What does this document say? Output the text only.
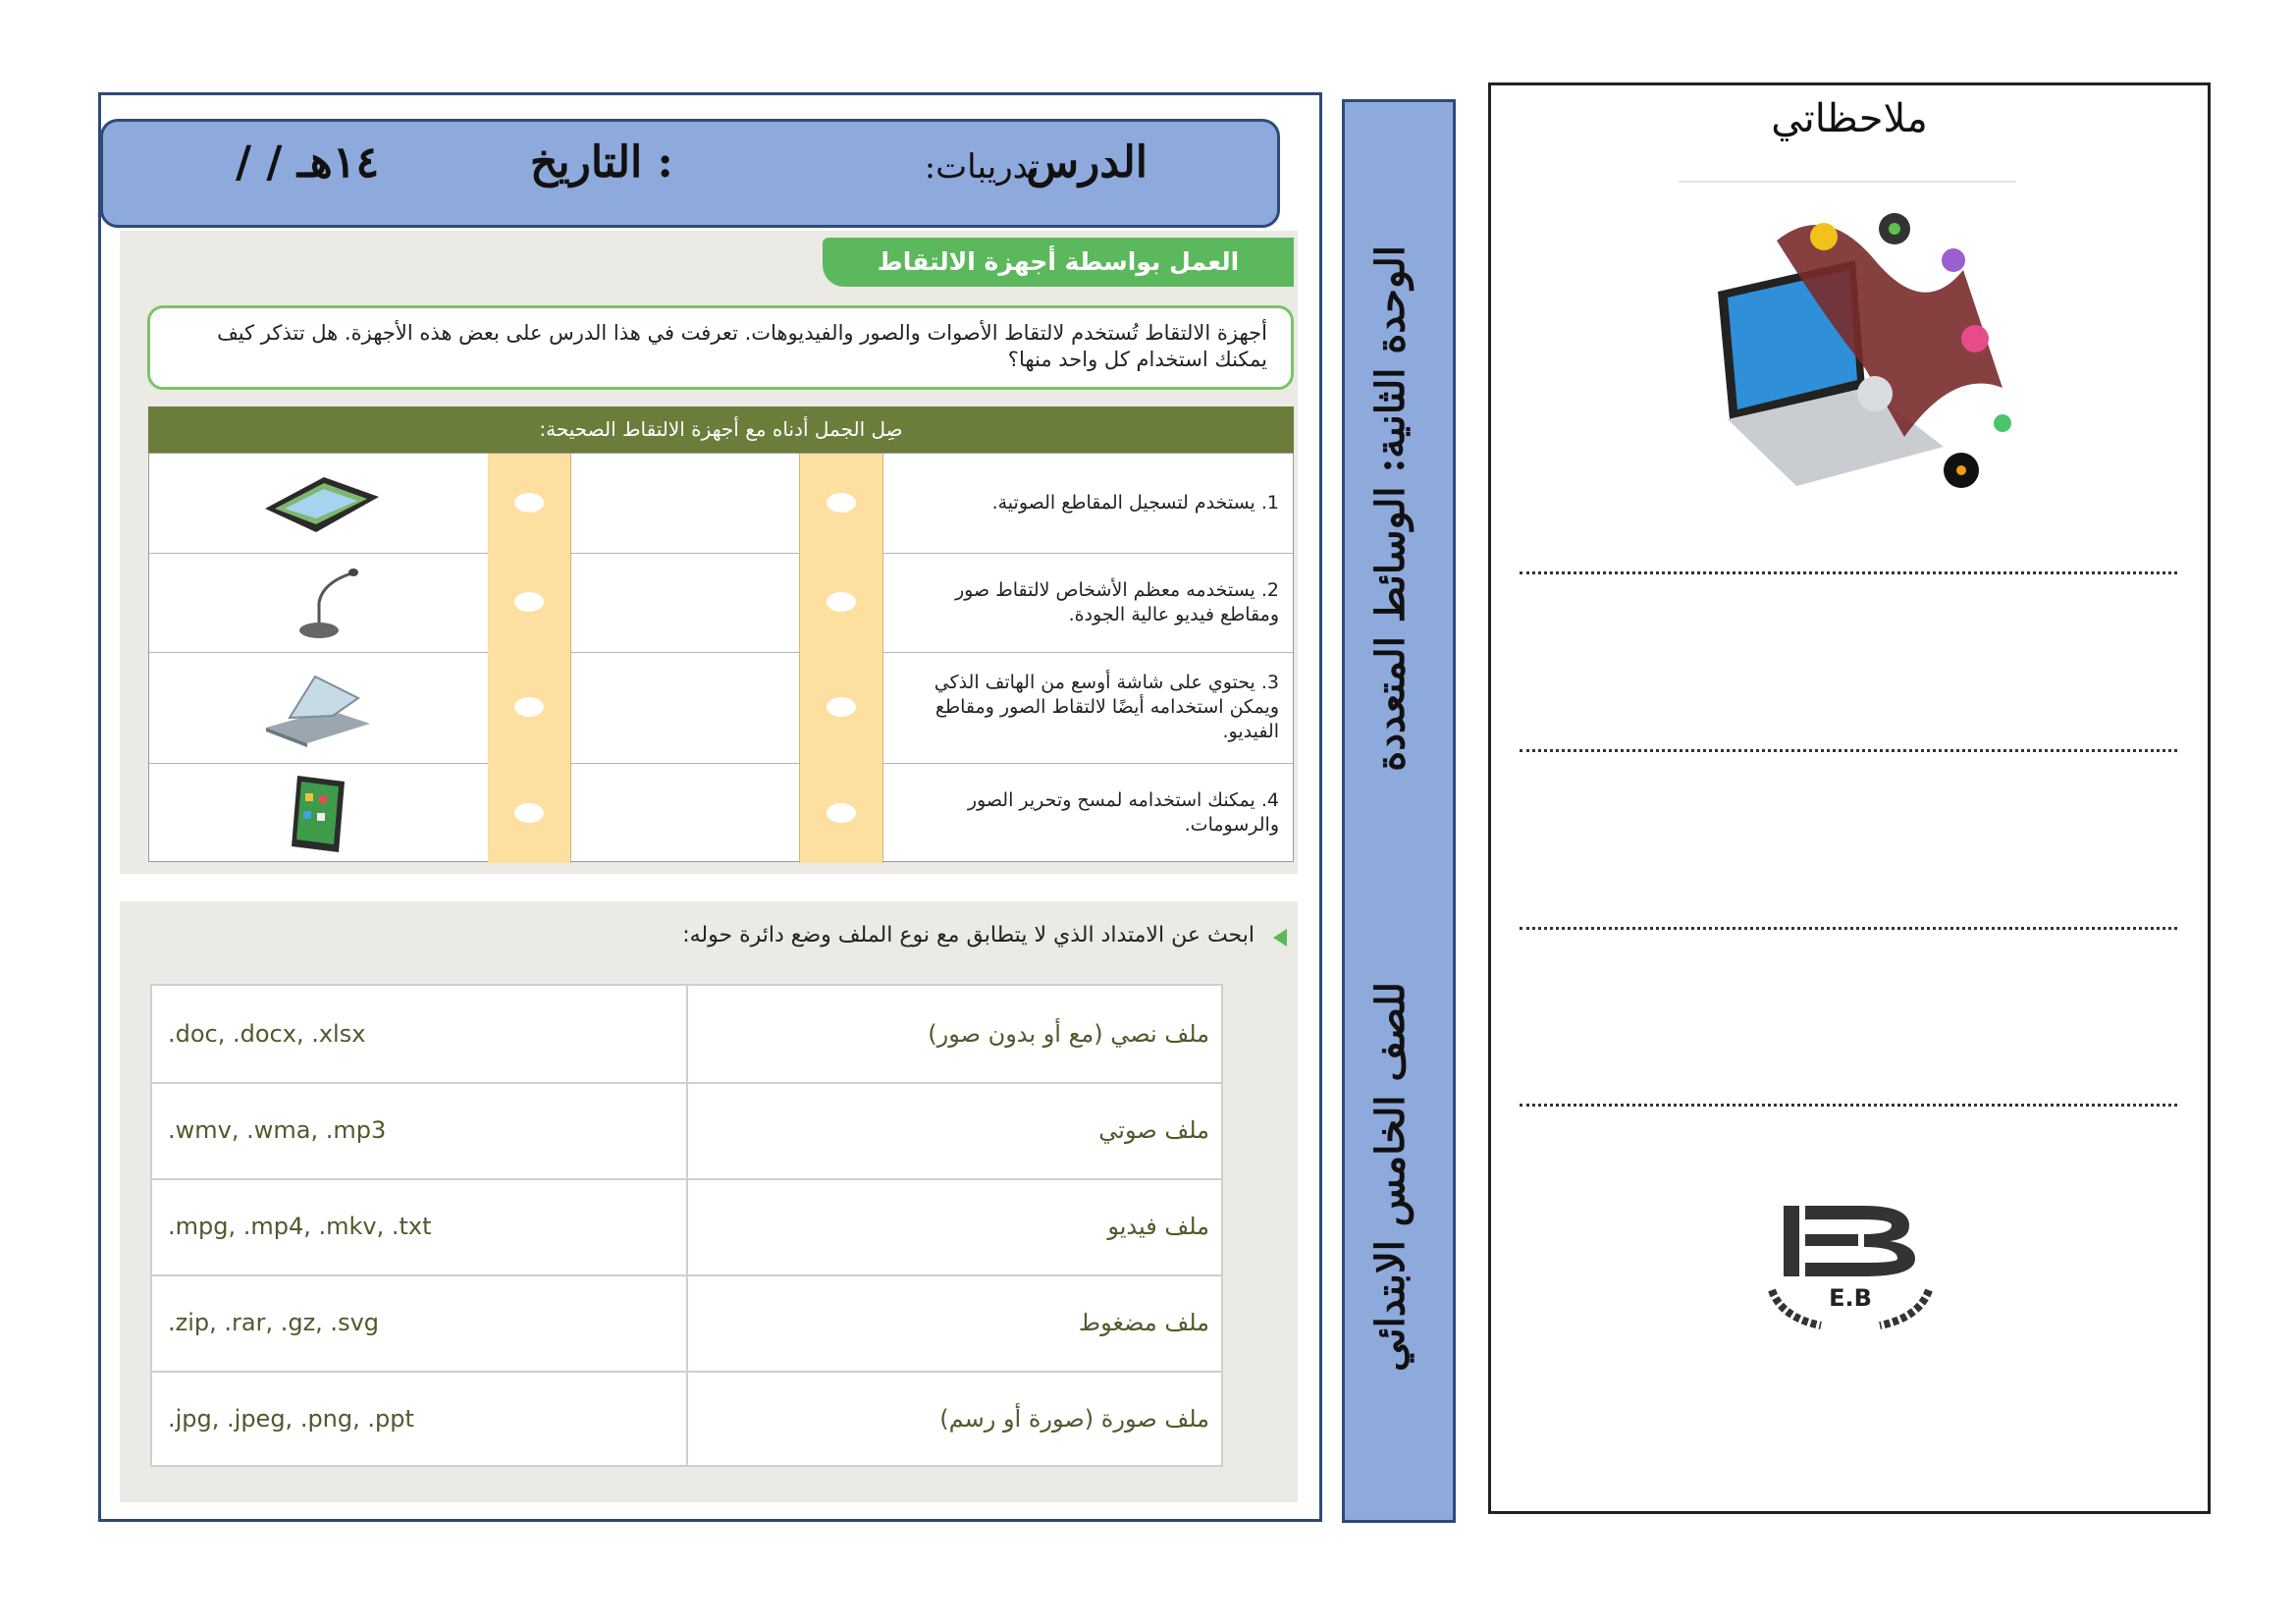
الدرس
:تدريبات
التاريخ :
/ / ١٤هـ
العمل بواسطة أجهزة الالتقاط
أجهزة الالتقاط تُستخدم لالتقاط الأصوات والصور والفيديوهات. تعرفت في هذا الدرس على بعض هذه الأجهزة. هل تتذكر كيف يمكنك استخدام كل واحد منها؟
صِل الجمل أدناه مع أجهزة الالتقاط الصحيحة:
1. يستخدم لتسجيل المقاطع الصوتية.
2. يستخدمه معظم الأشخاص لالتقاط صور ومقاطع فيديو عالية الجودة.
3. يحتوي على شاشة أوسع من الهاتف الذكي ويمكن استخدامه أيضًا لالتقاط الصور ومقاطع الفيديو.
4. يمكنك استخدامه لمسح وتحرير الصور والرسومات.
ابحث عن الامتداد الذي لا يتطابق مع نوع الملف وضع دائرة حوله:
.doc, .docx, .xlsx	ملف نصي (مع أو بدون صور)
.wmv, .wma, .mp3	ملف صوتي
.mpg, .mp4, .mkv, .txt	ملف فيديو
.zip, .rar, .gz, .svg	ملف مضغوط
.jpg, .jpeg, .png, .ppt	ملف صورة (صورة أو رسم)
الوحدة الثانية: الوسائط المتعددة
للصف الخامس الابتدائي
ملاحظاتي
E.B
